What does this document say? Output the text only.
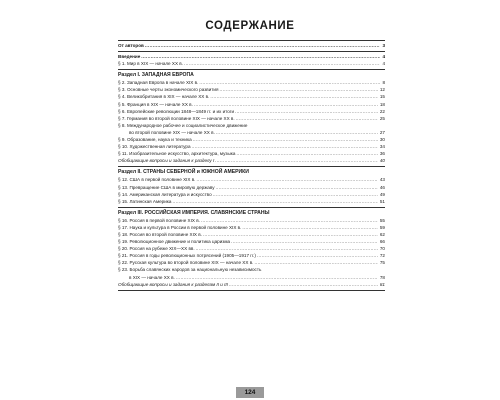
СОДЕРЖАНИЕ
От авторов .....	3
Введение .....	4
§ 1. Мир в XIX — начале XX в. .....	4
Раздел I. ЗАПАДНАЯ ЕВРОПА
§ 2. Западная Европа в начале XIX в. .....	8
§ 3. Основные черты экономического развития .....	12
§ 4. Великобритания в XIX — начале XX в. .....	15
§ 5. Франция в XIX — начале XX в. .....	18
§ 6. Европейские революции 1848—1849 гг. и их итоги .....	22
§ 7. Германия во второй половине XIX — начале XX в. .....	25
§ 8. Международное рабочее и социалистическое движение
во второй половине XIX — начале XX в. .....	27
§ 9. Образование, наука и техника .....	30
§ 10. Художественная литература .....	34
§ 11. Изобразительное искусство, архитектура, музыка .....	36
Обобщающие вопросы и задания к разделу I .....	40
Раздел II. СТРАНЫ СЕВЕРНОЙ и ЮЖНОЙ АМЕРИКИ
§ 12. США в первой половине XIX в. .....	43
§ 13. Превращение США в мировую державу .....	46
§ 14. Американская литература и искусство .....	49
§ 15. Латинская Америка .....	51
Раздел III. РОССИЙСКАЯ ИМПЕРИЯ. СЛАВЯНСКИЕ СТРАНЫ
§ 16. Россия в первой половине XIX в. .....	55
§ 17. Наука и культура в России в первой половине XIX в. .....	59
§ 18. Россия во второй половине XIX в. .....	62
§ 19. Революционное движение и политика царизма .....	66
§ 20. Россия на рубеже XIX—XX вв. .....	70
§ 21. Россия в годы революционных потрясений (1905—1917 гг.) .....	72
§ 22. Русская культура во второй половине XIX — начале XX в. .....	75
§ 23. Борьба славянских народов за национальную независимость
в XIX — начале XX в. .....	78
Обобщающие вопросы и задания к разделам II и III .....	81
124
